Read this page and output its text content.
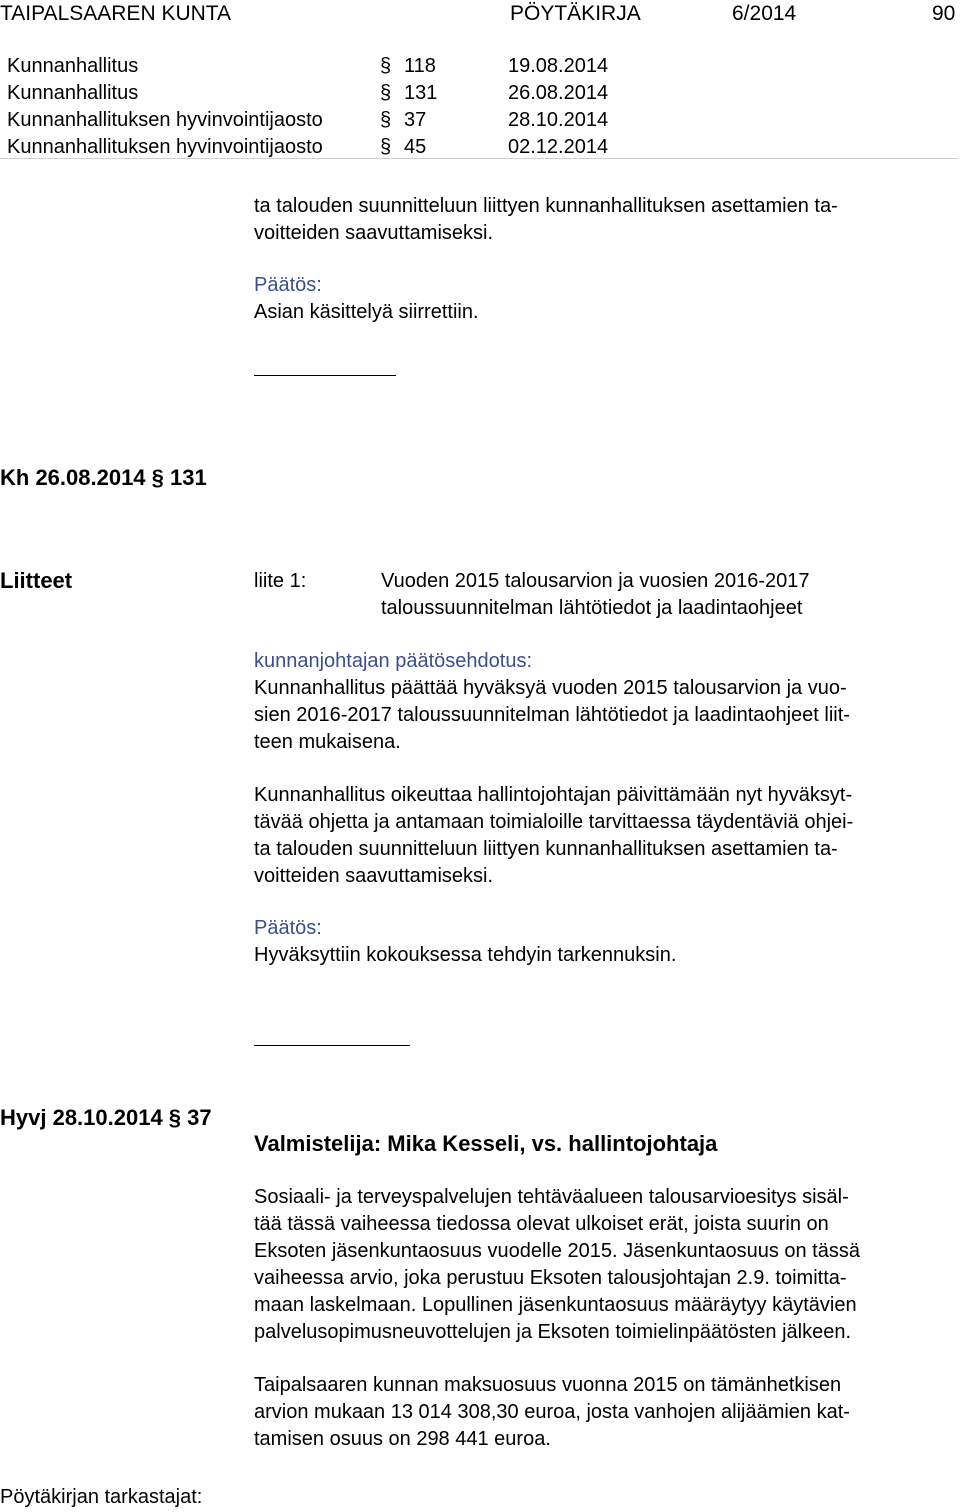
TAIPALSAAREN KUNTA	PÖYTÄKIRJA	6/2014	90
Kunnanhallitus	§ 118	19.08.2014
Kunnanhallitus	§ 131	26.08.2014
Kunnanhallituksen hyvinvointijaosto	§ 37	28.10.2014
Kunnanhallituksen hyvinvointijaosto	§ 45	02.12.2014
ta talouden suunnitteluun liittyen kunnanhallituksen asettamien ta-
voitteiden saavuttamiseksi.
Päätös:
Asian käsittelyä siirrettiin.
Kh 26.08.2014 § 131
Liitteet	liite 1:	Vuoden 2015 talousarvion ja vuosien 2016-2017
taloussuunnitelman lähtötiedot ja laadintaohjeet
kunnanjohtajan päätösehdotus:
Kunnanhallitus päättää hyväksyä vuoden 2015 talousarvion ja vuo-
sien 2016-2017 taloussuunnitelman lähtötiedot ja laadintaohjeet liit-
teen mukaisena.
Kunnanhallitus oikeuttaa hallintojohtajan päivittämään nyt hyväksyt-
tävää ohjetta ja antamaan toimialoille tarvittaessa täydentäviä ohjei-
ta talouden suunnitteluun liittyen kunnanhallituksen asettamien ta-
voitteiden saavuttamiseksi.
Päätös:
Hyväksyttiin kokouksessa tehdyin tarkennuksin.
Hyvj 28.10.2014 § 37
Valmistelija: Mika Kesseli, vs. hallintojohtaja
Sosiaali- ja terveyspalvelujen tehtäväalueen talousarvioesitys sisäl-
tää tässä vaiheessa tiedossa olevat ulkoiset erät, joista suurin on
Eksoten jäsenkuntaosuus vuodelle 2015. Jäsenkuntaosuus on tässä
vaiheessa arvio, joka perustuu Eksoten talousjohtajan 2.9. toimitta-
maan laskelmaan. Lopullinen jäsenkuntaosuus määräytyy käytävien
palvelusopimusneuvottelujen ja Eksoten toimielinpäätösten jälkeen.
Taipalsaaren kunnan maksuosuus vuonna 2015 on tämänhetkisen
arvion mukaan 13 014 308,30 euroa, josta vanhojen alijäämien kat-
tamisen osuus on 298 441 euroa.
Pöytäkirjan tarkastajat:
